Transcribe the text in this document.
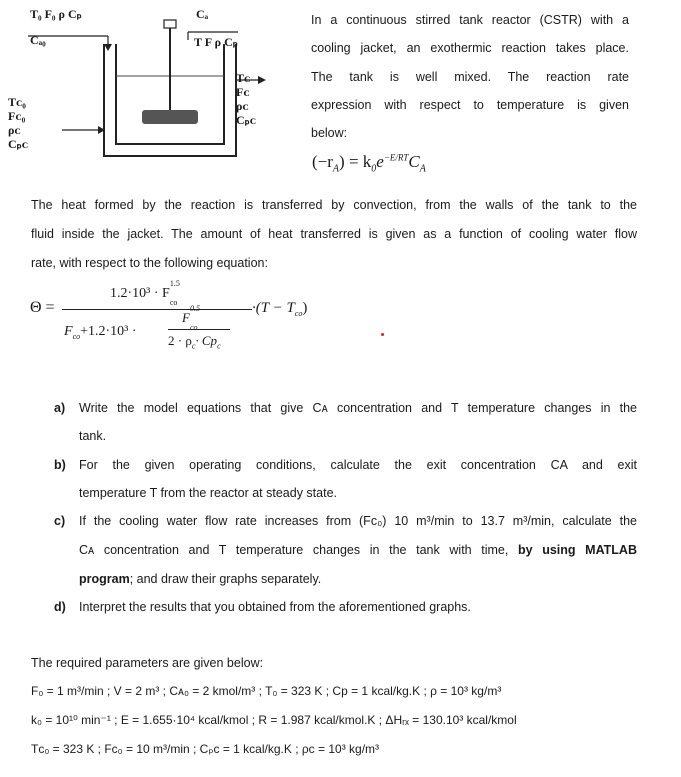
T₀ F₀ ρ Cₚ
Cₐ₀
Cₐ
T F ρ Cₚ
Tᴄ
Fᴄ
ρᴄ
Cₚᴄ
Tᴄ₀
Fᴄ₀
ρᴄ
Cₚᴄ
In a continuous stirred tank reactor (CSTR) with a
cooling jacket, an exothermic reaction takes place.
The tank is well mixed. The reaction rate
expression with respect to temperature is given
below:
$(-r_A) = k_0e^{-E/RT}C_A$
The heat formed by the reaction is transferred by convection, from the walls of the tank to the
fluid inside the jacket. The amount of heat transferred is given as a function of cooling water flow
rate, with respect to the following equation:
Θ =
1.2·10³ · F
1.5
$_{co}$
$F_{co}+1.2\cdot 10^3$ ·
F
0.5
$_{co}$
$2 \cdot \rho_c\cdot Cp_c$
$\cdot(T - T_{co})$
a) Write the model equations that give Cᴀ concentration and T temperature changes in the
tank.
b) For the given operating conditions, calculate the exit concentration CA and exit
temperature T from the reactor at steady state.
c) If the cooling water flow rate increases from (Fᴄ₀) 10 m³/min to 13.7 m³/min, calculate the
Cᴀ concentration and T temperature changes in the tank with time, by using MATLAB
program; and draw their graphs separately.
d) Interpret the results that you obtained from the aforementioned graphs.
The required parameters are given below:
F₀ = 1 m³/min ; V = 2 m³ ; Cᴀ₀ = 2 kmol/m³ ; T₀ = 323 K ; Cp = 1 kcal/kg.K ; ρ = 10³ kg/m³
k₀ = 10¹⁰ min⁻¹ ; E = 1.655·10⁴ kcal/kmol ; R = 1.987 kcal/kmol.K ; ΔHᵣₓ = 130.10³ kcal/kmol
Tᴄ₀ = 323 K ; Fᴄ₀ = 10 m³/min ; Cₚᴄ = 1 kcal/kg.K ; ρᴄ = 10³ kg/m³
